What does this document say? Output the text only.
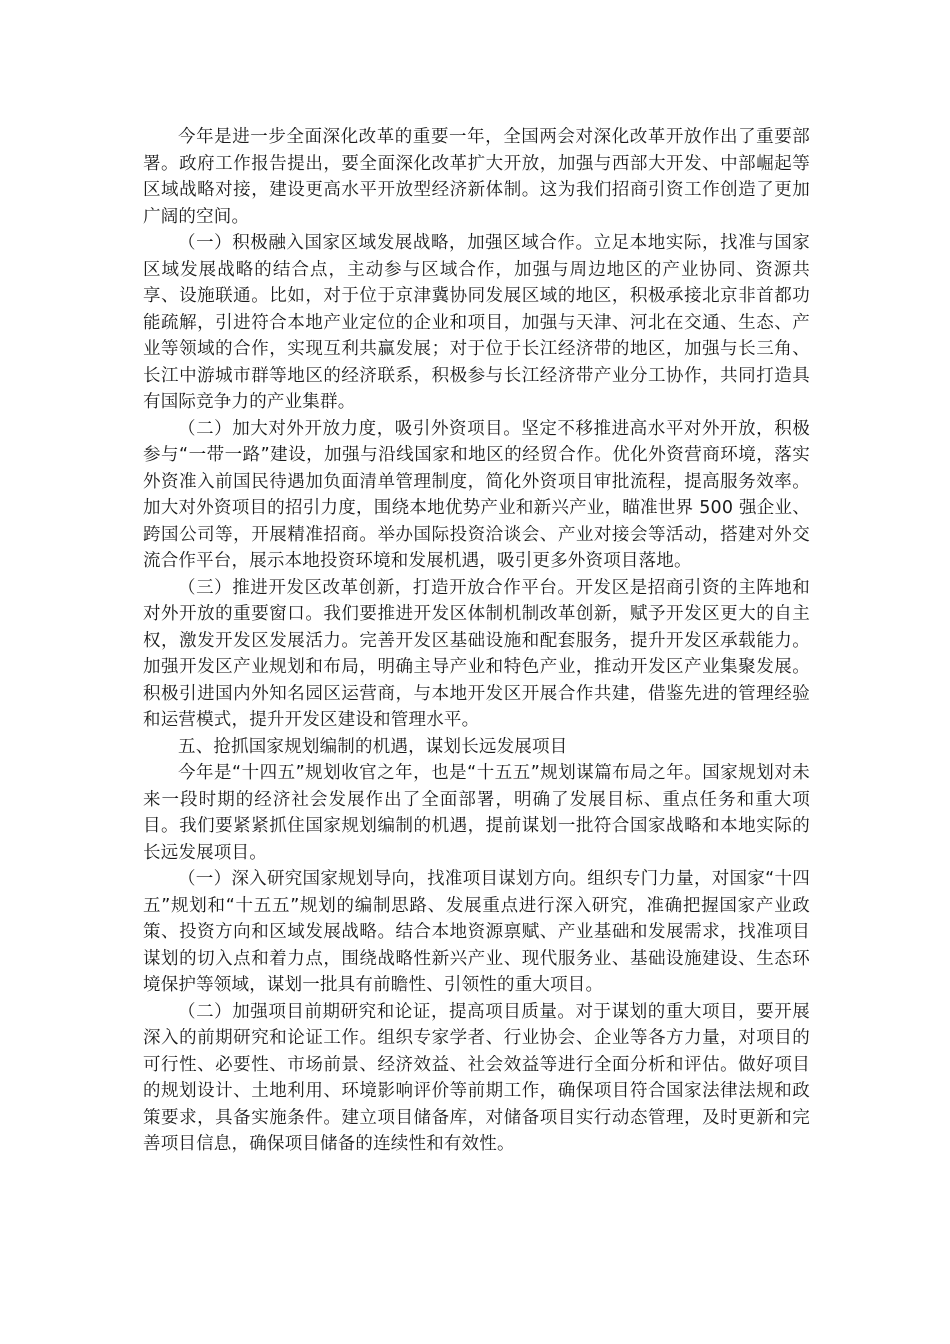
今年是进一步全面深化改革的重要一年，全国两会对深化改革开放作出了重要部署。政府工作报告提出，要全面深化改革扩大开放，加强与西部大开发、中部崛起等区域战略对接，建设更高水平开放型经济新体制。这为我们招商引资工作创造了更加广阔的空间。

（一）积极融入国家区域发展战略，加强区域合作。立足本地实际，找准与国家区域发展战略的结合点，主动参与区域合作，加强与周边地区的产业协同、资源共享、设施联通。比如，对于位于京津冀协同发展区域的地区，积极承接北京非首都功能疏解，引进符合本地产业定位的企业和项目，加强与天津、河北在交通、生态、产业等领域的合作，实现互利共赢发展；对于位于长江经济带的地区，加强与长三角、长江中游城市群等地区的经济联系，积极参与长江经济带产业分工协作，共同打造具有国际竞争力的产业集群。

（二）加大对外开放力度，吸引外资项目。坚定不移推进高水平对外开放，积极参与“一带一路”建设，加强与沿线国家和地区的经贸合作。优化外资营商环境，落实外资准入前国民待遇加负面清单管理制度，简化外资项目审批流程，提高服务效率。加大对外资项目的招引力度，围绕本地优势产业和新兴产业，瞄准世界 500 强企业、跨国公司等，开展精准招商。举办国际投资洽谈会、产业对接会等活动，搭建对外交流合作平台，展示本地投资环境和发展机遇，吸引更多外资项目落地。

（三）推进开发区改革创新，打造开放合作平台。开发区是招商引资的主阵地和对外开放的重要窗口。我们要推进开发区体制机制改革创新，赋予开发区更大的自主权，激发开发区发展活力。完善开发区基础设施和配套服务，提升开发区承载能力。加强开发区产业规划和布局，明确主导产业和特色产业，推动开发区产业集聚发展。积极引进国内外知名园区运营商，与本地开发区开展合作共建，借鉴先进的管理经验和运营模式，提升开发区建设和管理水平。

五、抢抓国家规划编制的机遇，谋划长远发展项目

今年是“十四五”规划收官之年，也是“十五五”规划谋篇布局之年。国家规划对未来一段时期的经济社会发展作出了全面部署，明确了发展目标、重点任务和重大项目。我们要紧紧抓住国家规划编制的机遇，提前谋划一批符合国家战略和本地实际的长远发展项目。

（一）深入研究国家规划导向，找准项目谋划方向。组织专门力量，对国家“十四五”规划和“十五五”规划的编制思路、发展重点进行深入研究，准确把握国家产业政策、投资方向和区域发展战略。结合本地资源禀赋、产业基础和发展需求，找准项目谋划的切入点和着力点，围绕战略性新兴产业、现代服务业、基础设施建设、生态环境保护等领域，谋划一批具有前瞻性、引领性的重大项目。

（二）加强项目前期研究和论证，提高项目质量。对于谋划的重大项目，要开展深入的前期研究和论证工作。组织专家学者、行业协会、企业等各方力量，对项目的可行性、必要性、市场前景、经济效益、社会效益等进行全面分析和评估。做好项目的规划设计、土地利用、环境影响评价等前期工作，确保项目符合国家法律法规和政策要求，具备实施条件。建立项目储备库，对储备项目实行动态管理，及时更新和完善项目信息，确保项目储备的连续性和有效性。
